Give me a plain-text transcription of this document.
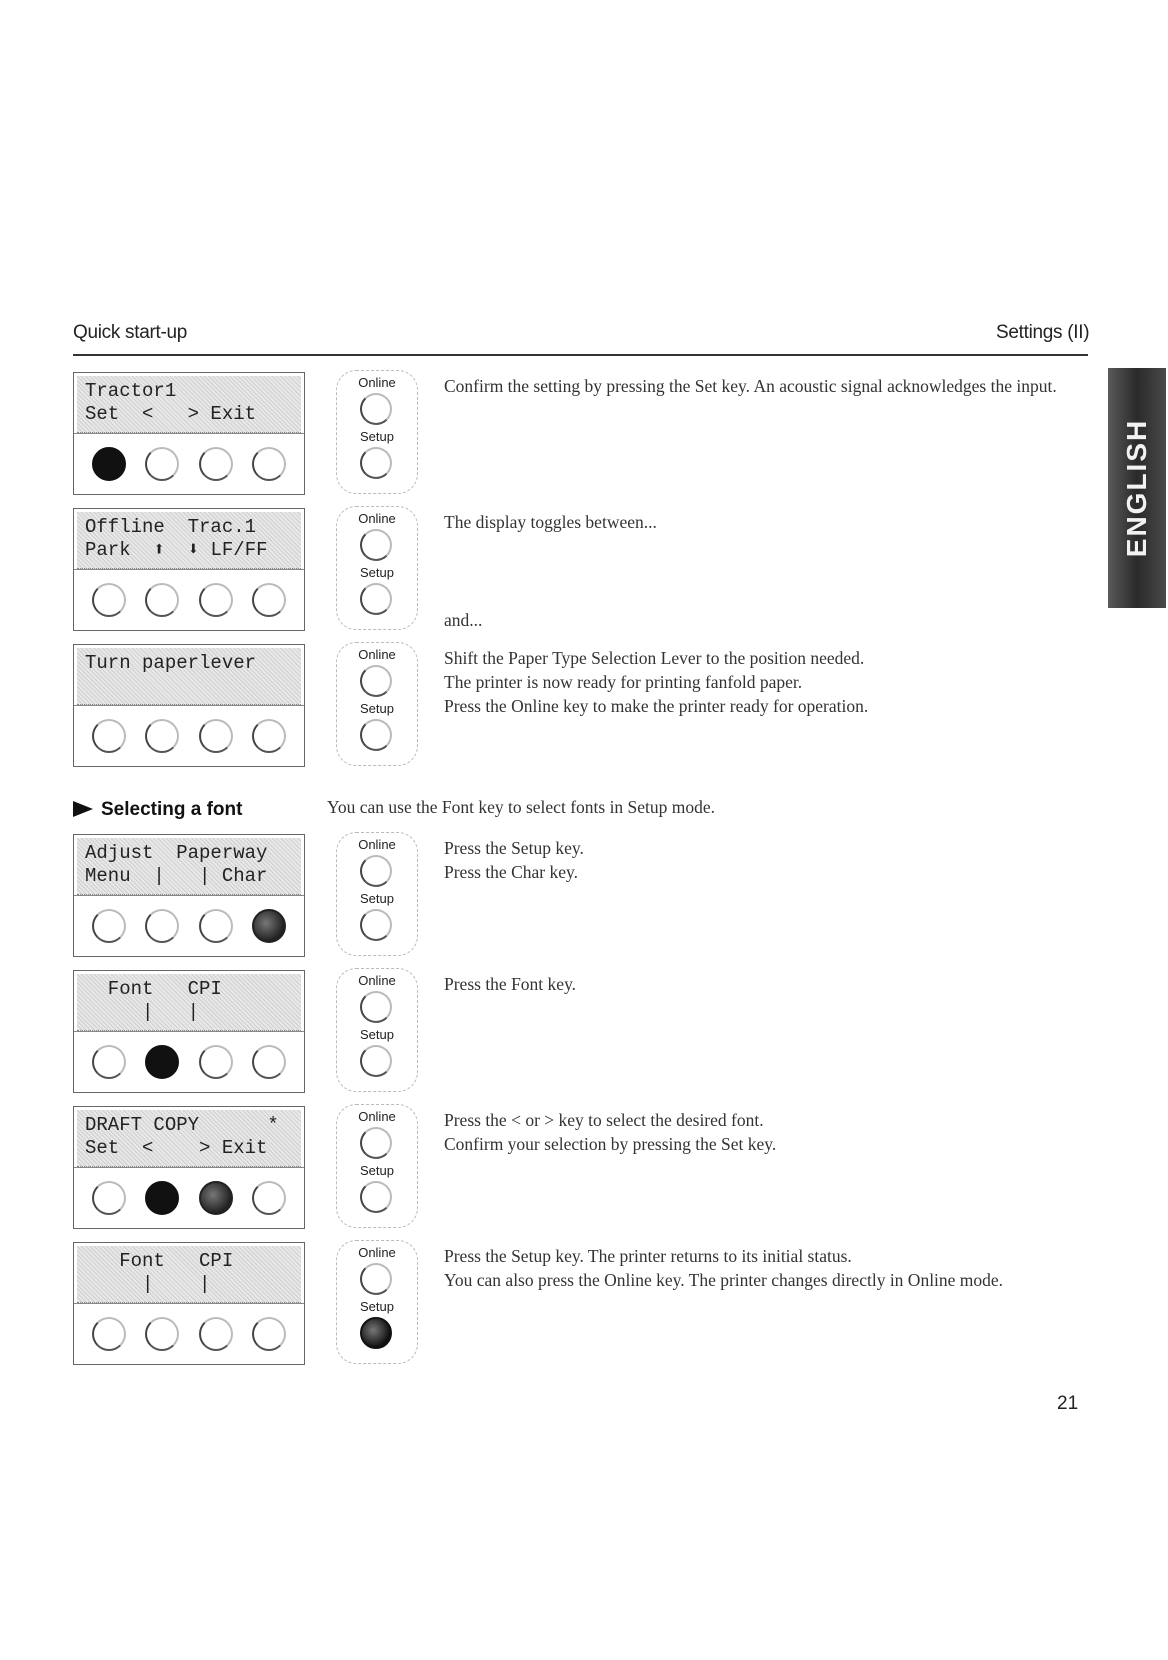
Quick start-up	Settings (II)
ENGLISH
Tractor1
Set  <   > Exit
Online
Setup

Confirm the setting by pressing the Set key. An acoustic signal acknowledges the input.

Offline  Trac.1
Park  ⬆  ⬇ LF/FF
Online
Setup

The display toggles between...

Turn paperlever	Online
Setup

Shift the Paper Type Selection Lever to the position needed.

The printer is now ready for printing fanfold paper.

Press the Online key to make the printer ready for operation.

Adjust  Paperway
Menu  |   | Char
Online
Setup

Press the Setup key.

Press the Char key.

Font   CPI
|   |
Online
Setup

Press the Font key.

DRAFT COPY      *
Set  <    > Exit
Online
Setup

Press the < or > key to select the desired font.

Confirm your selection by pressing the Set key.

Font   CPI
|    |
Online
Setup

Press the Setup key. The printer returns to its initial status.

You can also press the Online key. The printer changes directly in Online mode.

and...
Selecting a font	You can use the Font key to select fonts in Setup mode.
21
